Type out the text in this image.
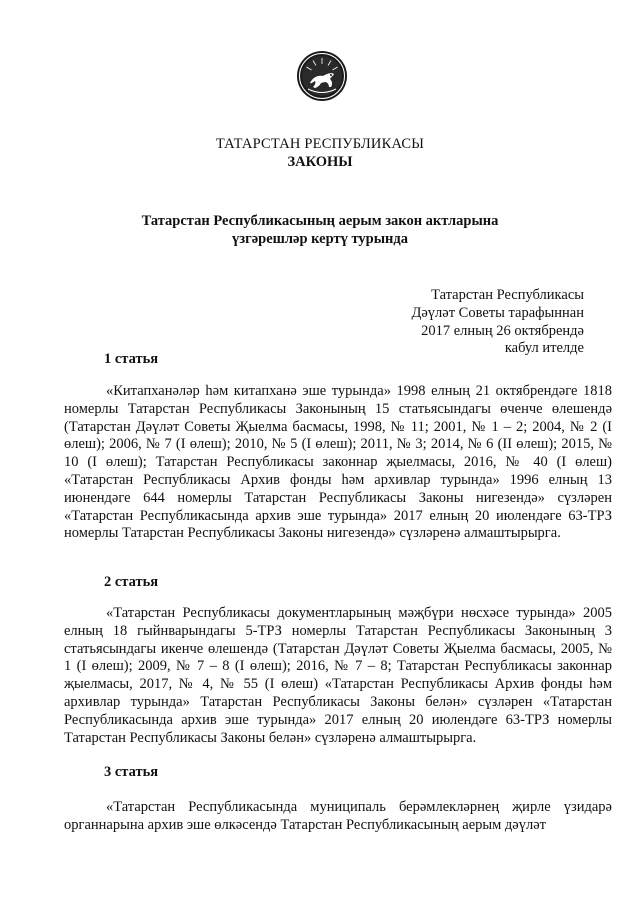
ТАТАРСТАН РЕСПУБЛИКАСЫ
ЗАКОНЫ
Татарстан Республикасының аерым закон актларына
үзгәрешләр кертү турында
Татарстан Республикасы
Дәүләт Советы тарафыннан
2017 елның 26 октябрендә
кабул ителде
1 статья

«Китапханәләр һәм китапханә эше турында» 1998 елның 21 октябрендәге 1818 номерлы Татарстан Республикасы Законының 15 статьясындагы өченче өлешендә (Татарстан Дәүләт Советы Җыелма басмасы, 1998, № 11; 2001, № 1 – 2; 2004, № 2 (I өлеш); 2006, № 7 (I өлеш); 2010, № 5 (I өлеш); 2011, № 3; 2014, № 6 (II өлеш); 2015, № 10 (I өлеш); Татарстан Республикасы законнар җыелмасы, 2016, № 40 (I өлеш) «Татарстан Республикасы Архив фонды һәм архивлар турында» 1996 елның 13 июнендәге 644 номерлы Татарстан Республикасы Законы нигезендә» сүзләрен «Татарстан Республикасында архив эше турында» 2017 елның 20 июлендәге 63-ТРЗ номерлы Татарстан Республикасы Законы нигезендә» сүзләренә алмаштырырга.

2 статья

«Татарстан Республикасы документларының мәҗбүри нөсхәсе турында» 2005 елның 18 гыйнварындагы 5-ТРЗ номерлы Татарстан Республикасы Законының 3 статьясындагы икенче өлешендә (Татарстан Дәүләт Советы Җыелма басмасы, 2005, № 1 (I өлеш); 2009, № 7 – 8 (I өлеш); 2016, № 7 – 8; Татарстан Республикасы законнар җыелмасы, 2017, № 4, № 55 (I өлеш) «Татарстан Республикасы Архив фонды һәм архивлар турында» Татарстан Республикасы Законы белән» сүзләрен «Татарстан Республикасында архив эше турында» 2017 елның 20 июлендәге 63-ТРЗ номерлы Татарстан Республикасы Законы белән» сүзләренә алмаштырырга.

3 статья

«Татарстан Республикасында муниципаль берәмлекләрнең җирле үзидарә органнарына архив эше өлкәсендә Татарстан Республикасының аерым дәүләт
